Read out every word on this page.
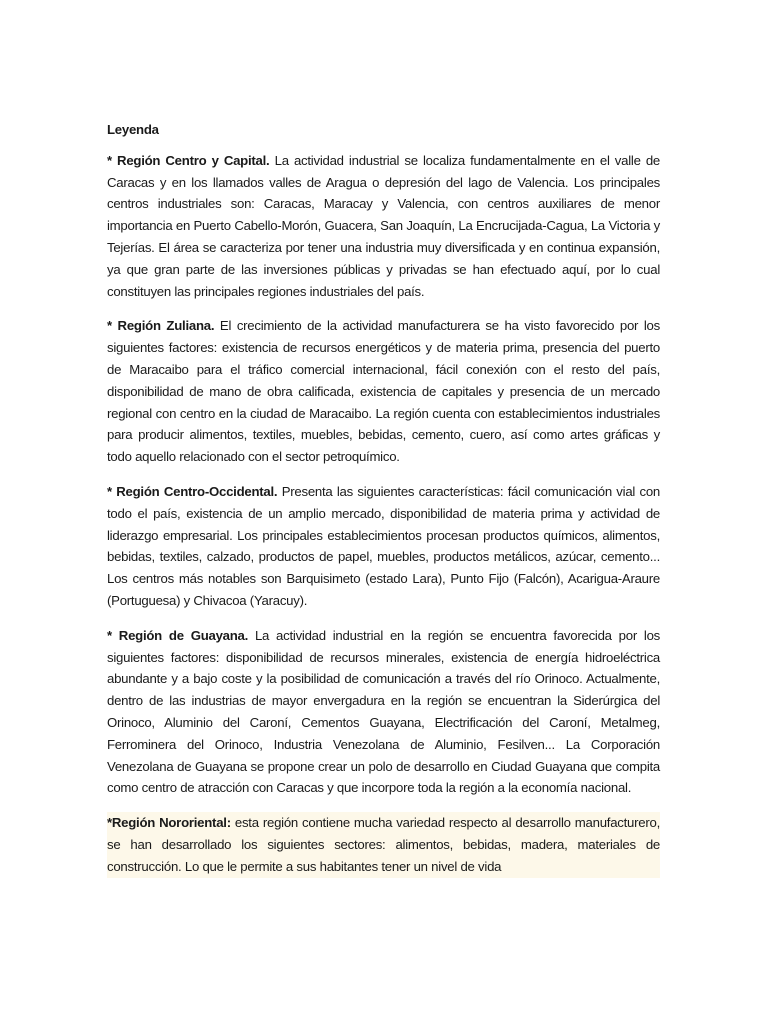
Leyenda

* Región Centro y Capital. La actividad industrial se localiza fundamentalmente en el valle de Caracas y en los llamados valles de Aragua o depresión del lago de Valencia. Los principales centros industriales son: Caracas, Maracay y Valencia, con centros auxiliares de menor importancia en Puerto Cabello-Morón, Guacera, San Joaquín, La Encrucijada-Cagua, La Victoria y Tejerías. El área se caracteriza por tener una industria muy diversificada y en continua expansión, ya que gran parte de las inversiones públicas y privadas se han efectuado aquí, por lo cual constituyen las principales regiones industriales del país.

* Región Zuliana. El crecimiento de la actividad manufacturera se ha visto favorecido por los siguientes factores: existencia de recursos energéticos y de materia prima, presencia del puerto de Maracaibo para el tráfico comercial internacional, fácil conexión con el resto del país, disponibilidad de mano de obra calificada, existencia de capitales y presencia de un mercado regional con centro en la ciudad de Maracaibo. La región cuenta con establecimientos industriales para producir alimentos, textiles, muebles, bebidas, cemento, cuero, así como artes gráficas y todo aquello relacionado con el sector petroquímico.

* Región Centro-Occidental. Presenta las siguientes características: fácil comunicación vial con todo el país, existencia de un amplio mercado, disponibilidad de materia prima y actividad de liderazgo empresarial. Los principales establecimientos procesan productos químicos, alimentos, bebidas, textiles, calzado, productos de papel, muebles, productos metálicos, azúcar, cemento... Los centros más notables son Barquisimeto (estado Lara), Punto Fijo (Falcón), Acarigua-Araure (Portuguesa) y Chivacoa (Yaracuy).

* Región de Guayana. La actividad industrial en la región se encuentra favorecida por los siguientes factores: disponibilidad de recursos minerales, existencia de energía hidroeléctrica abundante y a bajo coste y la posibilidad de comunicación a través del río Orinoco. Actualmente, dentro de las industrias de mayor envergadura en la región se encuentran la Siderúrgica del Orinoco, Aluminio del Caroní, Cementos Guayana, Electrificación del Caroní, Metalmeg, Ferrominera del Orinoco, Industria Venezolana de Aluminio, Fesilven... La Corporación Venezolana de Guayana se propone crear un polo de desarrollo en Ciudad Guayana que compita como centro de atracción con Caracas y que incorpore toda la región a la economía nacional.

*Región Nororiental: esta región contiene mucha variedad respecto al desarrollo manufacturero, se han desarrollado los siguientes sectores: alimentos, bebidas, madera, materiales de construcción. Lo que le permite a sus habitantes tener un nivel de vida
